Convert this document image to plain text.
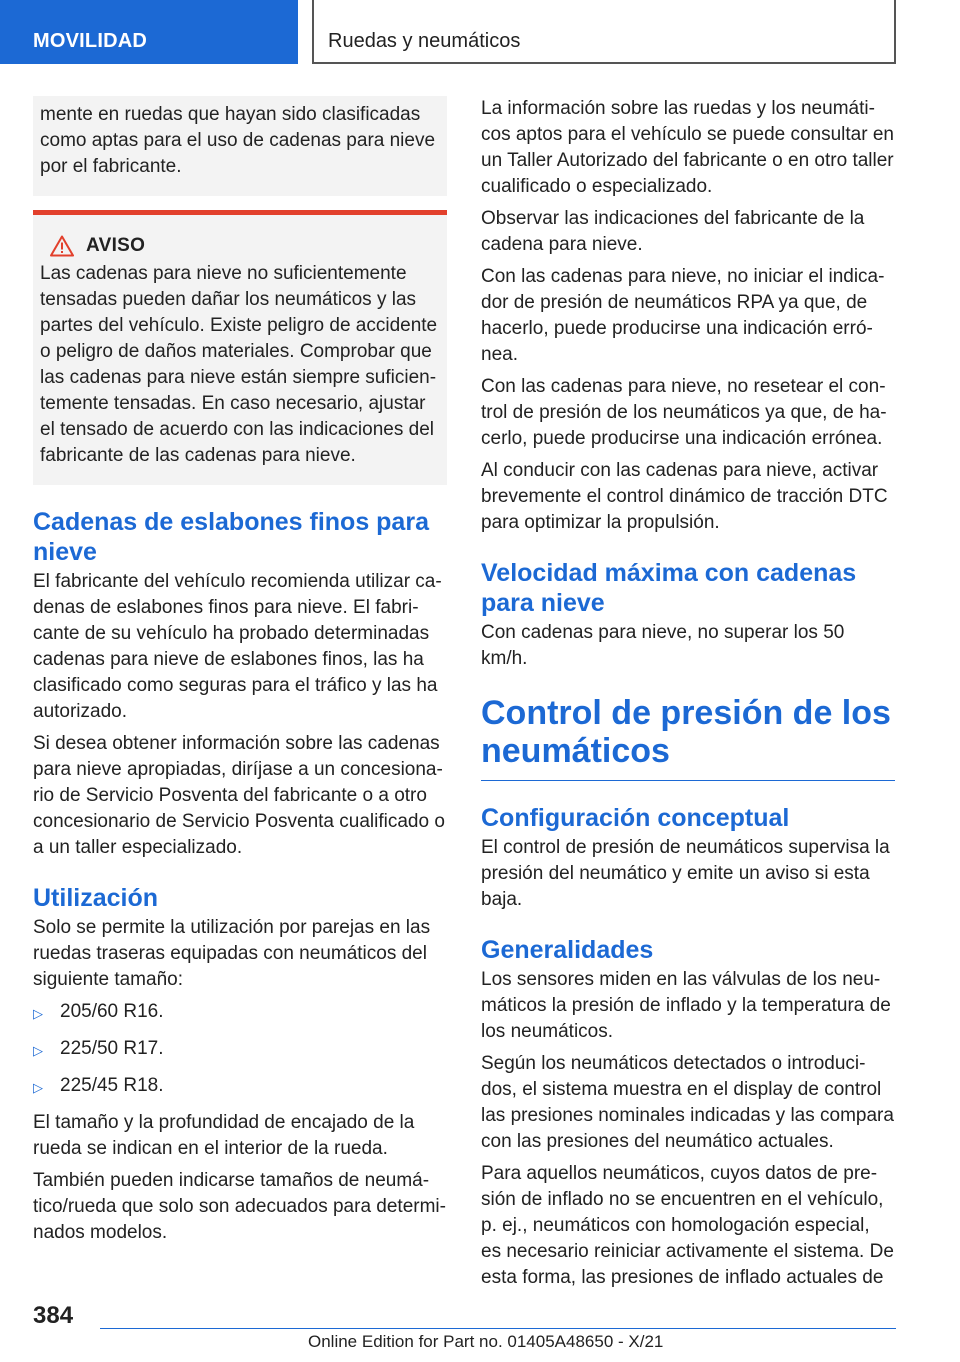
MOVILIDAD	Ruedas y neumáticos

mente en ruedas que hayan sido clasificadas como aptas para el uso de cadenas para nieve por el fabricante.

AVISO

Las cadenas para nieve no suficientemente tensadas pueden dañar los neumáticos y las partes del vehículo. Existe peligro de accidente o peligro de daños materiales. Comprobar que las cadenas para nieve están siempre suficientemente tensadas. En caso necesario, ajustar el tensado de acuerdo con las indicaciones del fabricante de las cadenas para nieve.

Cadenas de eslabones finos para nieve

El fabricante del vehículo recomienda utilizar cadenas de eslabones finos para nieve. El fabricante de su vehículo ha probado determinadas cadenas para nieve de eslabones finos, las ha clasificado como seguras para el tráfico y las ha autorizado.

Si desea obtener información sobre las cadenas para nieve apropiadas, diríjase a un concesionario de Servicio Posventa del fabricante o a otro concesionario de Servicio Posventa cualificado o a un taller especializado.

Utilización

Solo se permite la utilización por parejas en las ruedas traseras equipadas con neumáticos del siguiente tamaño:

▷ 205/60 R16.
▷ 225/50 R17.
▷ 225/45 R18.

El tamaño y la profundidad de encajado de la rueda se indican en el interior de la rueda.

También pueden indicarse tamaños de neumático/rueda que solo son adecuados para determinados modelos.

La información sobre las ruedas y los neumáticos aptos para el vehículo se puede consultar en un Taller Autorizado del fabricante o en otro taller cualificado o especializado.

Observar las indicaciones del fabricante de la cadena para nieve.

Con las cadenas para nieve, no iniciar el indicador de presión de neumáticos RPA ya que, de hacerlo, puede producirse una indicación errónea.

Con las cadenas para nieve, no resetear el control de presión de los neumáticos ya que, de hacerlo, puede producirse una indicación errónea.

Al conducir con las cadenas para nieve, activar brevemente el control dinámico de tracción DTC para optimizar la propulsión.

Velocidad máxima con cadenas para nieve

Con cadenas para nieve, no superar los 50 km/h.

Control de presión de los neumáticos
Configuración conceptual

El control de presión de neumáticos supervisa la presión del neumático y emite un aviso si esta baja.

Generalidades

Los sensores miden en las válvulas de los neumáticos la presión de inflado y la temperatura de los neumáticos.

Según los neumáticos detectados o introducidos, el sistema muestra en el display de control las presiones nominales indicadas y las compara con las presiones del neumático actuales.

Para aquellos neumáticos, cuyos datos de presión de inflado no se encuentren en el vehículo, p. ej., neumáticos con homologación especial, es necesario reiniciar activamente el sistema. De esta forma, las presiones de inflado actuales de

384
Online Edition for Part no. 01405A48650 - X/21
